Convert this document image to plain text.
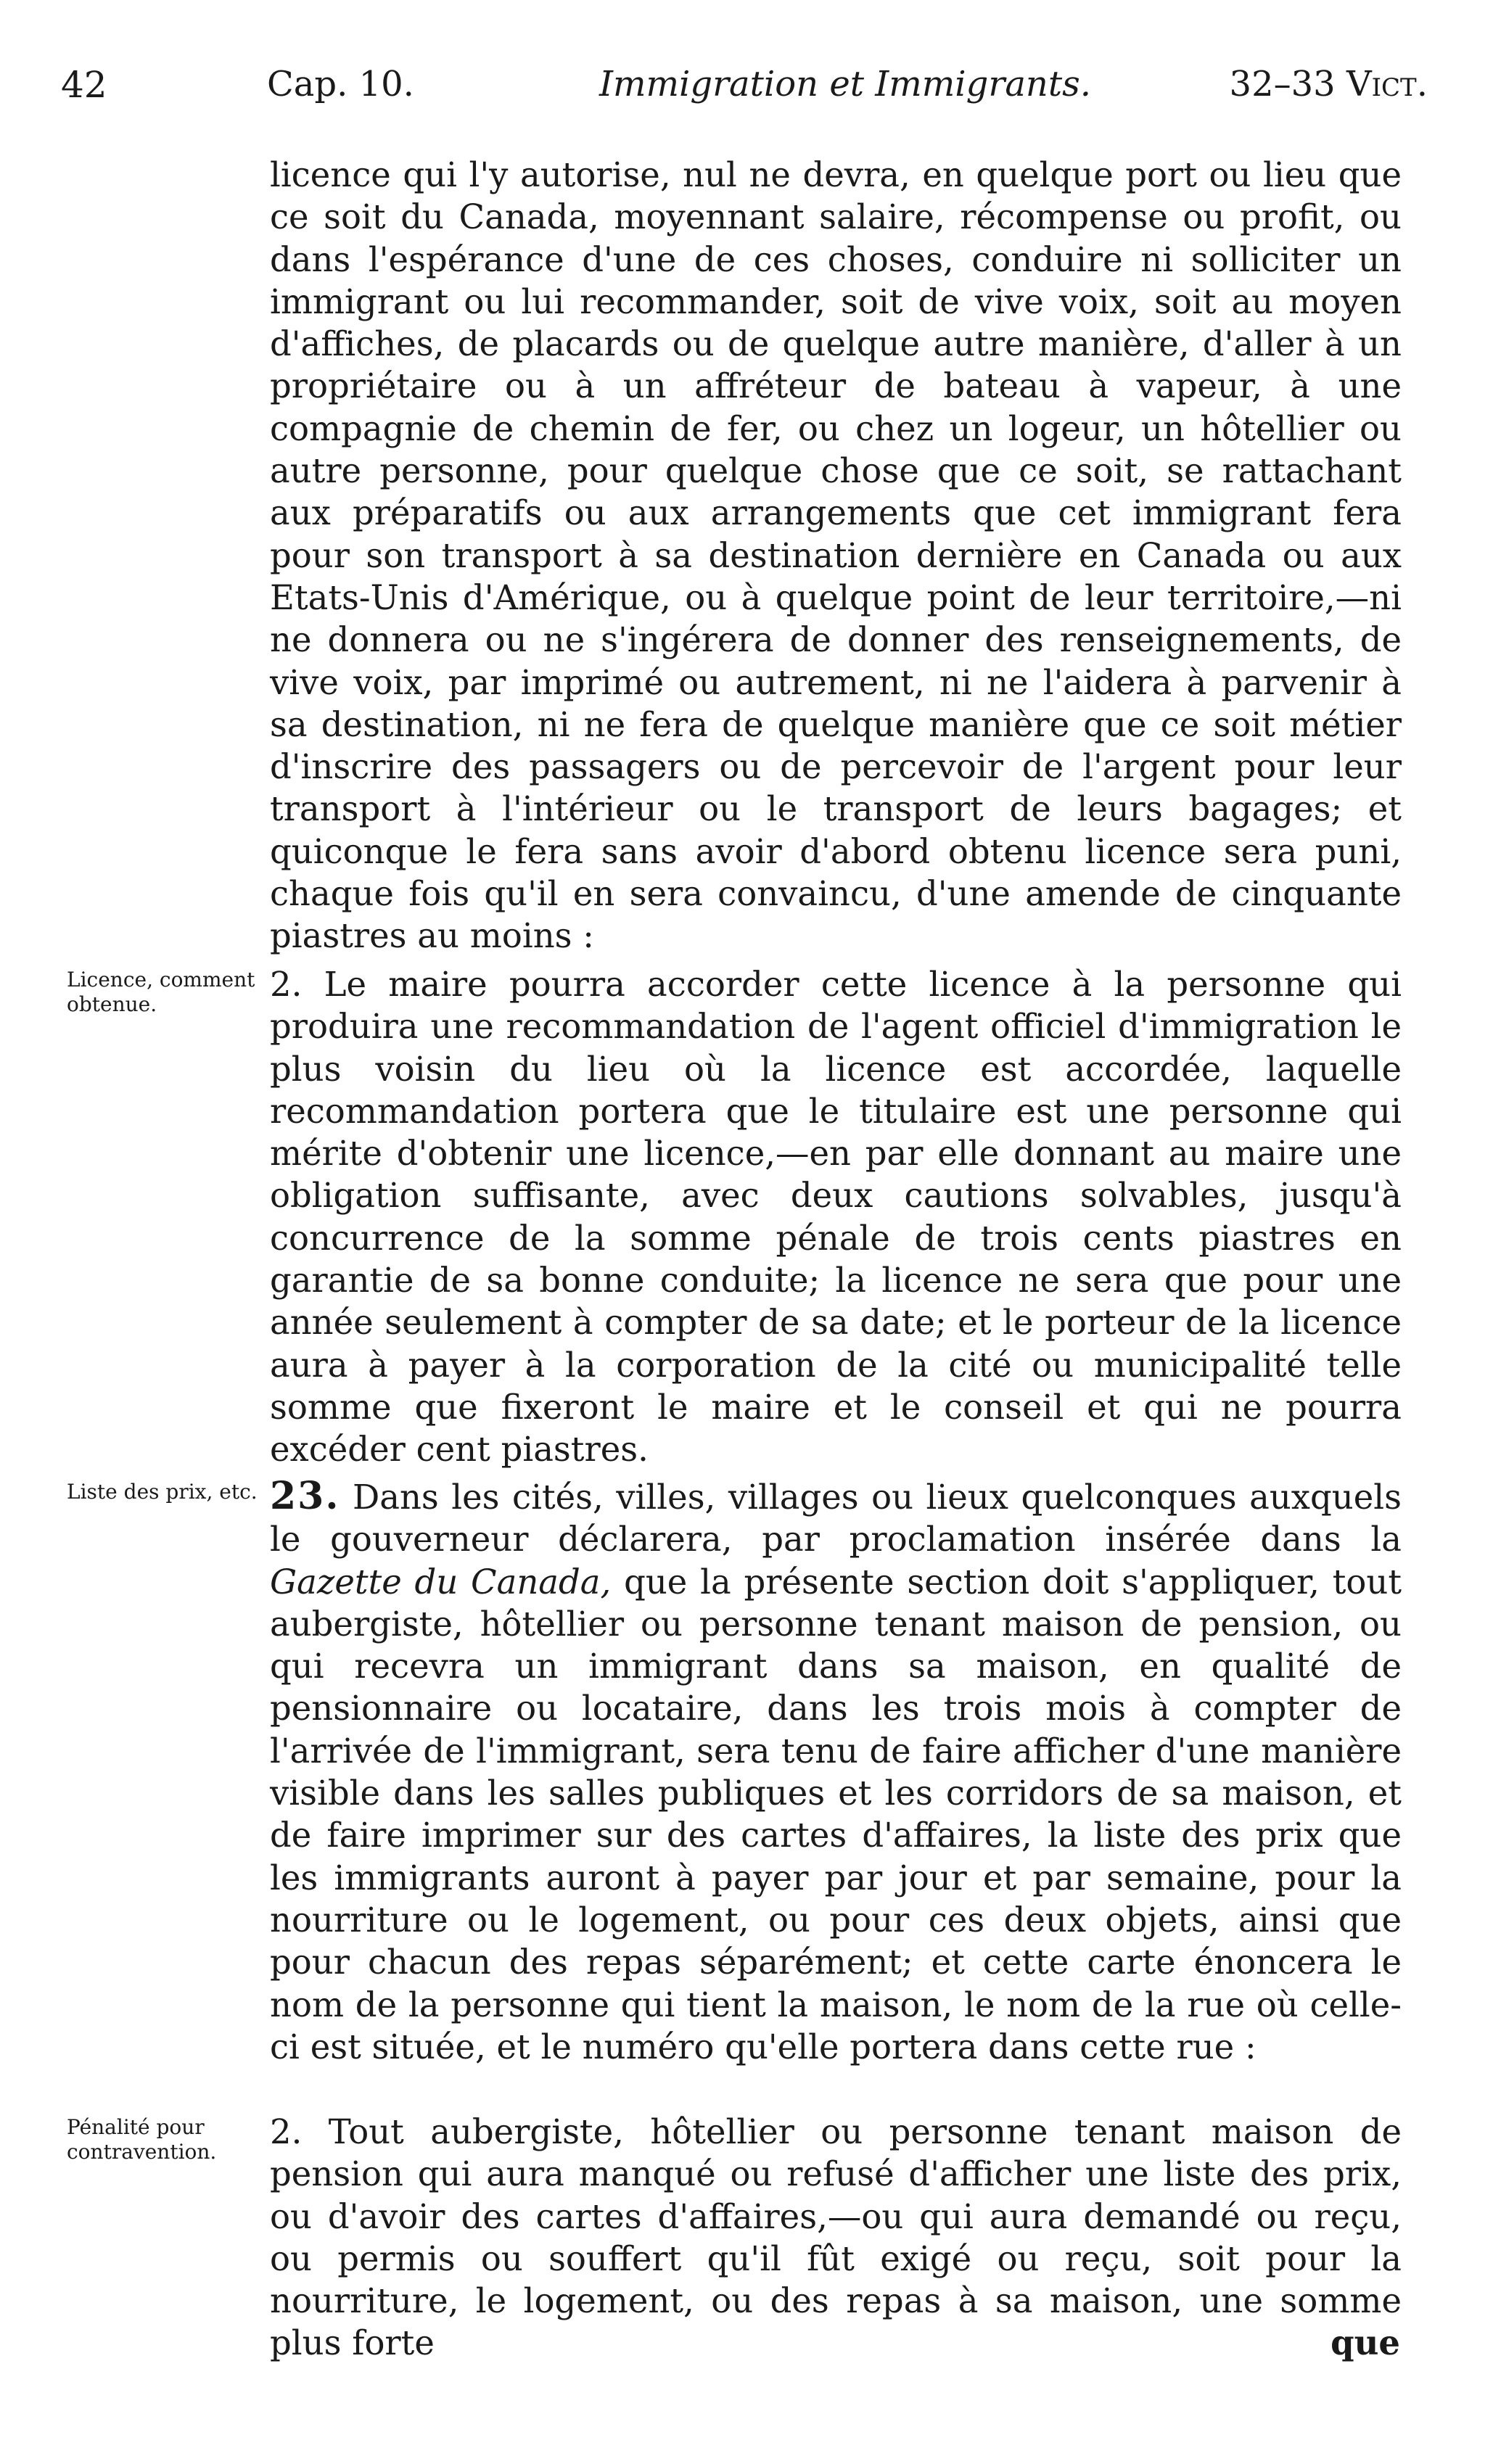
42	Cap. 10.	Immigration et Immigrants.	32–33 Vict.

licence qui l'y autorise, nul ne devra, en quelque port ou lieu que ce soit du Canada, moyennant salaire, récompense ou profit, ou dans l'espérance d'une de ces choses, conduire ni solliciter un immigrant ou lui recommander, soit de vive voix, soit au moyen d'affiches, de placards ou de quelque autre manière, d'aller à un propriétaire ou à un affréteur de bateau à vapeur, à une compagnie de chemin de fer, ou chez un logeur, un hôtellier ou autre personne, pour quelque chose que ce soit, se rattachant aux préparatifs ou aux arrangements que cet immigrant fera pour son transport à sa destination dernière en Canada ou aux Etats-Unis d'Amérique, ou à quelque point de leur territoire,—ni ne donnera ou ne s'ingérera de donner des renseignements, de vive voix, par imprimé ou autrement, ni ne l'aidera à parvenir à sa destination, ni ne fera de quelque manière que ce soit métier d'inscrire des passagers ou de percevoir de l'argent pour leur transport à l'intérieur ou le transport de leurs bagages; et quiconque le fera sans avoir d'abord obtenu licence sera puni, chaque fois qu'il en sera convaincu, d'une amende de cinquante piastres au moins :

Licence, comment obtenue.

2. Le maire pourra accorder cette licence à la personne qui produira une recommandation de l'agent officiel d'immigration le plus voisin du lieu où la licence est accordée, laquelle recommandation portera que le titulaire est une personne qui mérite d'obtenir une licence,—en par elle donnant au maire une obligation suffisante, avec deux cautions solvables, jusqu'à concurrence de la somme pénale de trois cents piastres en garantie de sa bonne conduite; la licence ne sera que pour une année seulement à compter de sa date; et le porteur de la licence aura à payer à la corporation de la cité ou municipalité telle somme que fixeront le maire et le conseil et qui ne pourra excéder cent piastres.

Liste des prix, etc. 23. Dans les cités, villes, villages ou lieux quelconques auxquels le gouverneur déclarera, par proclamation insérée dans la Gazette du Canada, que la présente section doit s'appliquer, tout aubergiste, hôtellier ou personne tenant maison de pension, ou qui recevra un immigrant dans sa maison, en qualité de pensionnaire ou locataire, dans les trois mois à compter de l'arrivée de l'immigrant, sera tenu de faire afficher d'une manière visible dans les salles publiques et les corridors de sa maison, et de faire imprimer sur des cartes d'affaires, la liste des prix que les immigrants auront à payer par jour et par semaine, pour la nourriture ou le logement, ou pour ces deux objets, ainsi que pour chacun des repas séparément; et cette carte énoncera le nom de la personne qui tient la maison, le nom de la rue où celle-ci est située, et le numéro qu'elle portera dans cette rue :

Pénalité pour contravention.

2. Tout aubergiste, hôtellier ou personne tenant maison de pension qui aura manqué ou refusé d'afficher une liste des prix, ou d'avoir des cartes d'affaires,—ou qui aura demandé ou reçu, ou permis ou souffert qu'il fût exigé ou reçu, soit pour la nourriture, le logement, ou des repas à sa maison, une somme plus forte	que
